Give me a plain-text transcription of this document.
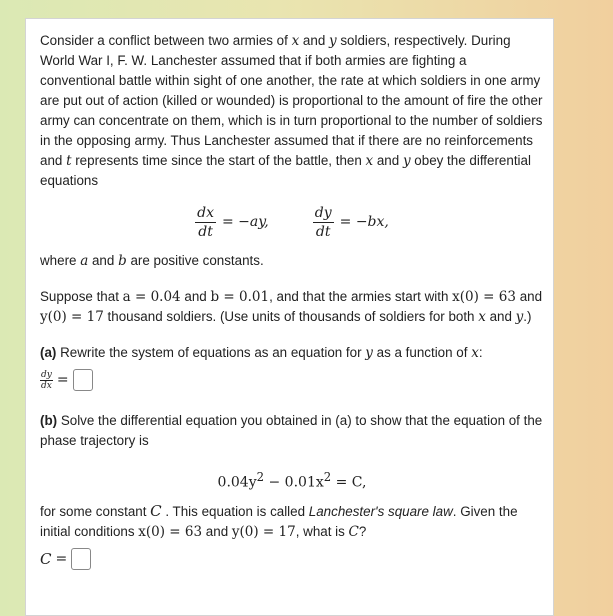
Consider a conflict between two armies of x and y soldiers, respectively. During World War I, F. W. Lanchester assumed that if both armies are fighting a conventional battle within sight of one another, the rate at which soldiers in one army are put out of action (killed or wounded) is proportional to the amount of fire the other army can concentrate on them, which is in turn proportional to the number of soldiers in the opposing army. Thus Lanchester assumed that if there are no reinforcements and t represents time since the start of the battle, then x and y obey the differential equations

$\frac{dx}{dt} = -ay$,	$\frac{dy}{dt} = -bx$,

where a and b are positive constants.

Suppose that a = 0.04 and b = 0.01, and that the armies start with x(0) = 63 and y(0) = 17 thousand soldiers. (Use units of thousands of soldiers for both x and y.)

(a) Rewrite the system of equations as an equation for y as a function of x:

$\frac{dy}{dx}$ =

(b) Solve the differential equation you obtained in (a) to show that the equation of the phase trajectory is

$0.04y^2 - 0.01x^2 = C$,

for some constant C . This equation is called Lanchester's square law. Given the initial conditions x(0) = 63 and y(0) = 17, what is C?

C =
